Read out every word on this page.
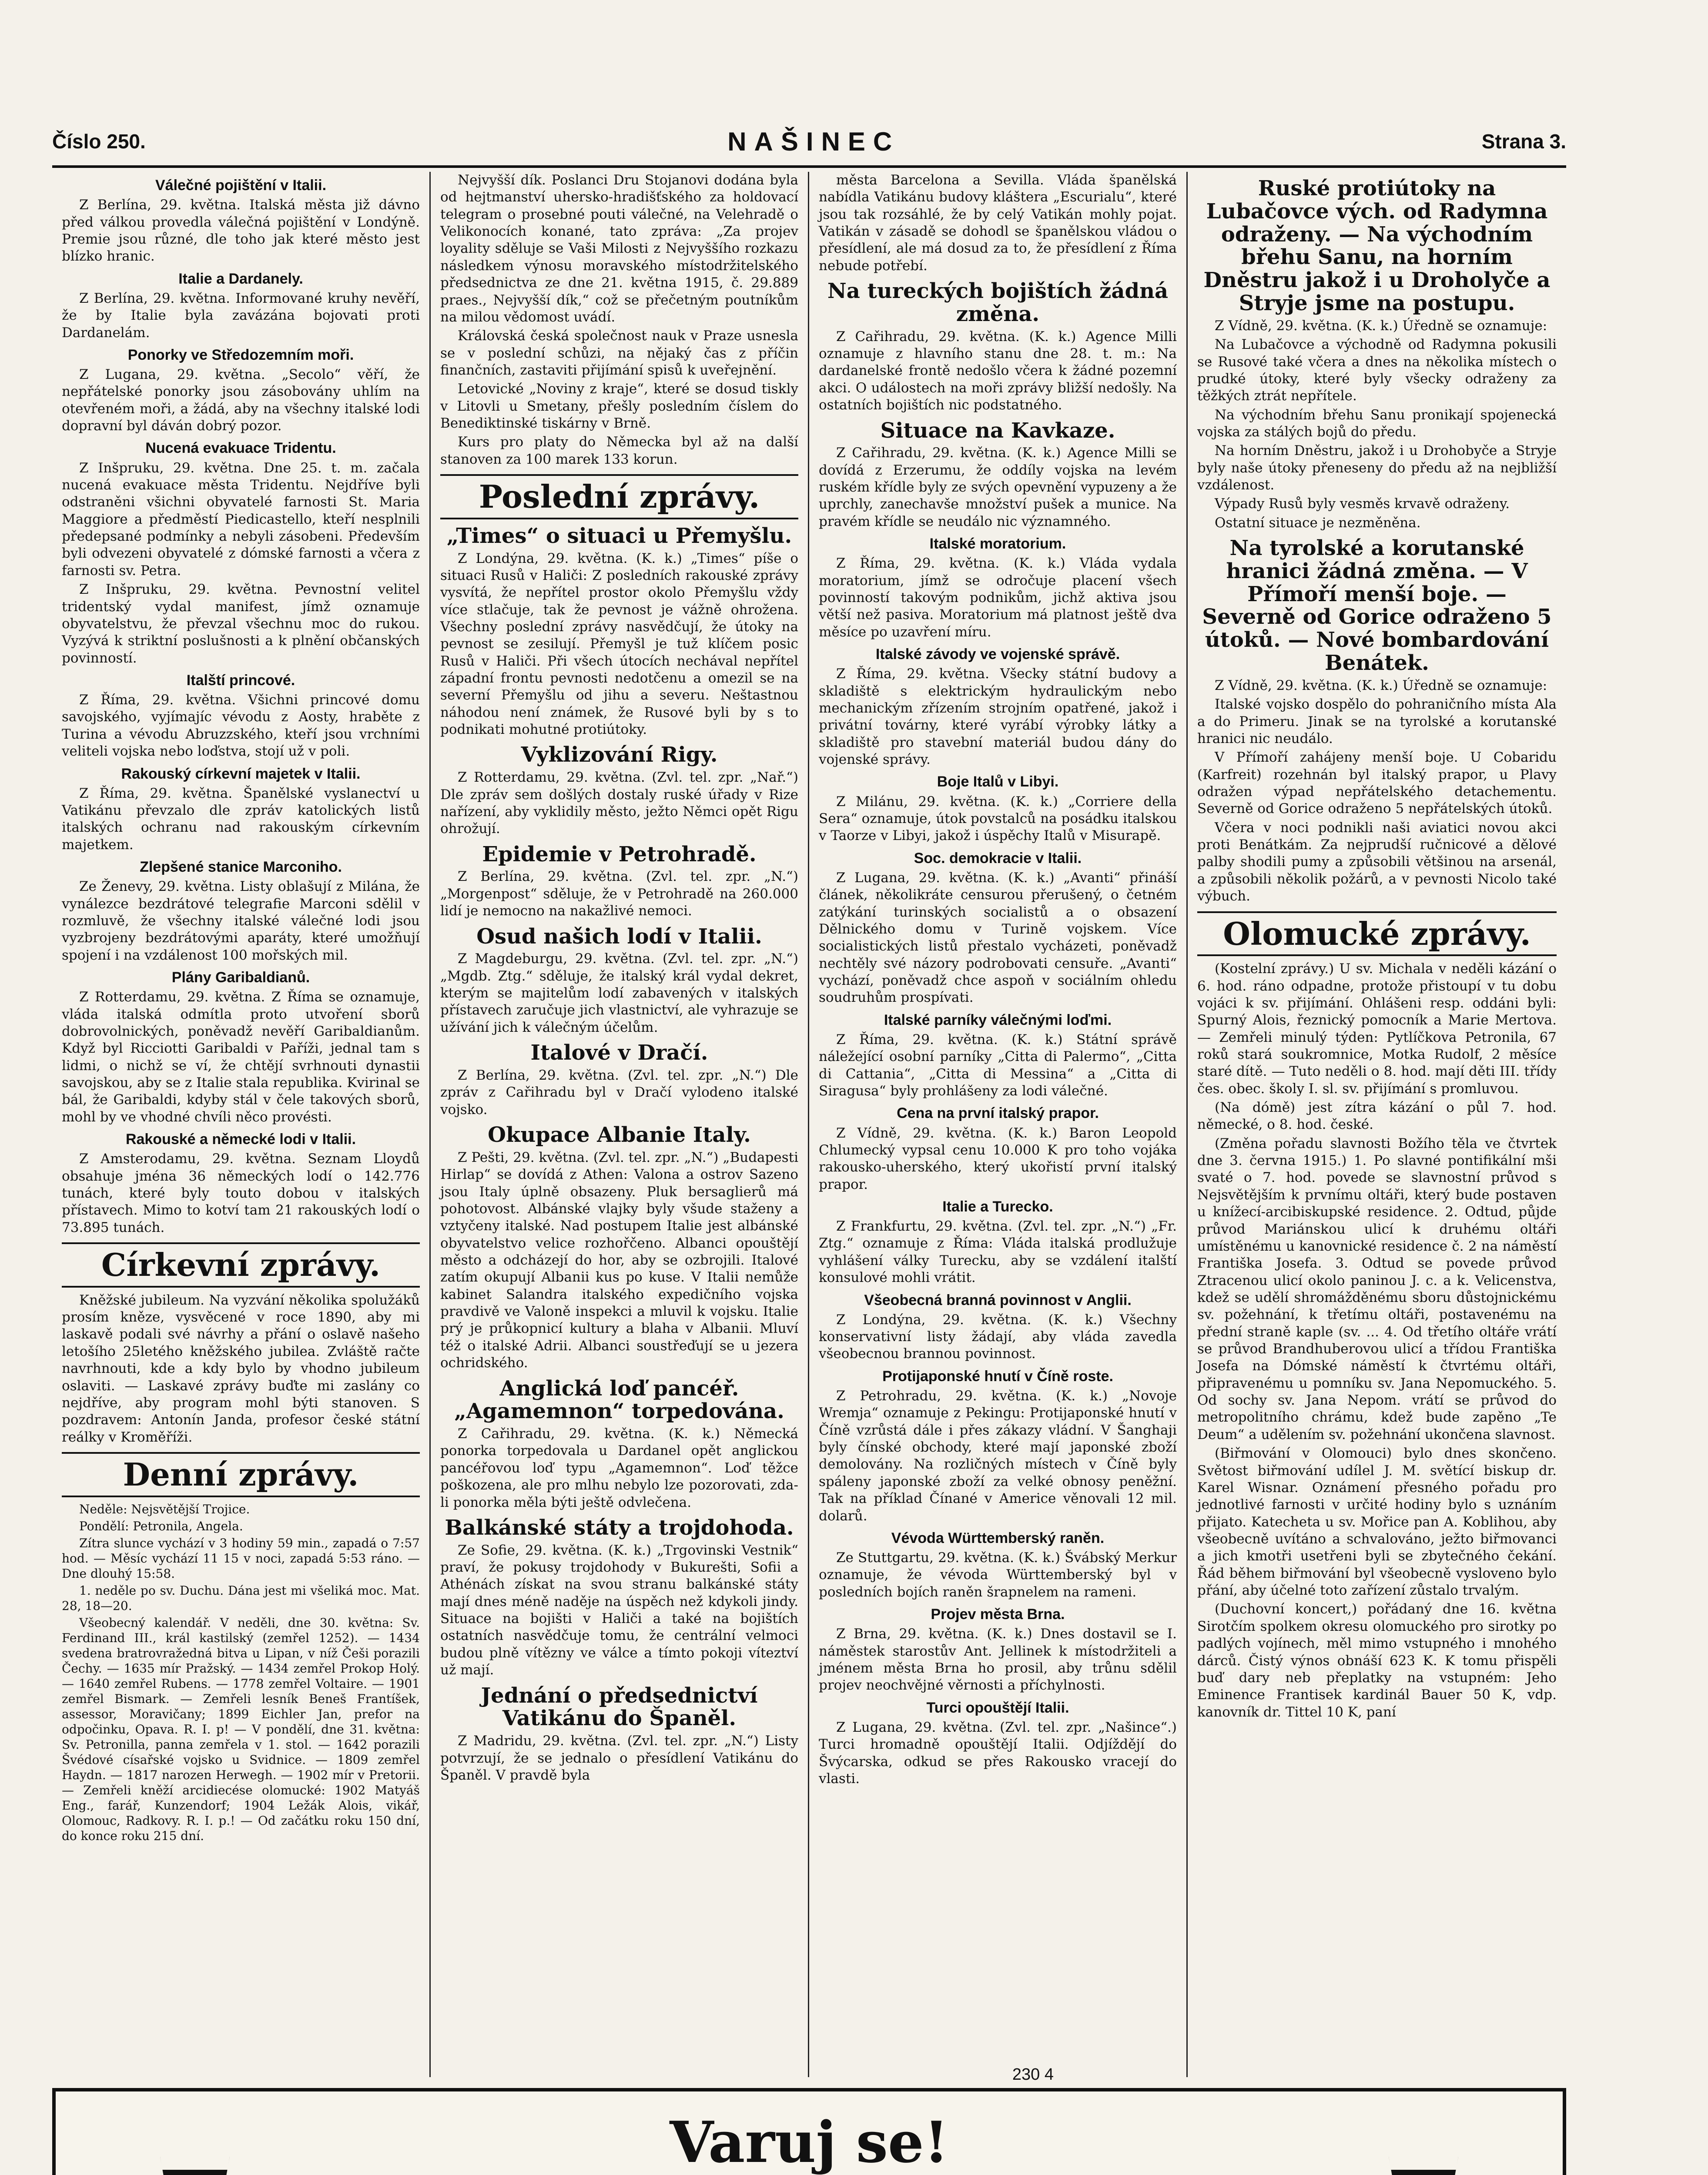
Číslo 250.	NAŠINEC	Strana 3.
Válečné pojištění v Italii.

Z Berlína, 29. května. Italská města již dávno před válkou provedla válečná pojištění v Londýně. Premie jsou různé, dle toho jak které město jest blízko hranic.

Italie a Dardanely.

Z Berlína, 29. května. Informované kruhy nevěří, že by Italie byla zavázána bojovati proti Dardanelám.

Ponorky ve Středozemním moři.

Z Lugana, 29. května. „Secolo“ věří, že nepřátelské ponorky jsou zásobovány uhlím na otevřeném moři, a žádá, aby na všechny italské lodi dopravní byl dáván dobrý pozor.

Nucená evakuace Tridentu.

Z Inšpruku, 29. května. Dne 25. t. m. začala nucená evakuace města Tridentu. Nejdříve byli odstraněni všichni obyvatelé farnosti St. Maria Maggiore a předměstí Piedicastello, kteří nesplnili předepsané podmínky a nebyli zásobeni. Především byli odvezeni obyvatelé z dómské farnosti a včera z farnosti sv. Petra.

Z Inšpruku, 29. května. Pevnostní velitel tridentský vydal manifest, jímž oznamuje obyvatelstvu, že převzal všechnu moc do rukou. Vyzývá k striktní poslušnosti a k plnění občanských povinností.

Italští princové.

Z Říma, 29. května. Všichni princové domu savojského, vyjímajíc vévodu z Aosty, hraběte z Turina a vévodu Abruzzského, kteří jsou vrchními veliteli vojska nebo loďstva, stojí už v poli.

Rakouský církevní majetek v Italii.

Z Říma, 29. května. Španělské vyslanectví u Vatikánu převzalo dle zpráv katolických listů italských ochranu nad rakouským církevním majetkem.

Zlepšené stanice Marconiho.

Ze Ženevy, 29. května. Listy oblašují z Milána, že vynálezce bezdrátové telegrafie Marconi sdělil v rozmluvě, že všechny italské válečné lodi jsou vyzbrojeny bezdrátovými aparáty, které umožňují spojení i na vzdálenost 100 mořských mil.

Plány Garibaldianů.

Z Rotterdamu, 29. května. Z Říma se oznamuje, vláda italská odmítla proto utvoření sborů dobrovolnických, poněvadž nevěří Garibaldianům. Když byl Ricciotti Garibaldi v Paříži, jednal tam s lidmi, o nichž se ví, že chtějí svrhnouti dynastii savojskou, aby se z Italie stala republika. Kvirinal se bál, že Garibaldi, kdyby stál v čele takových sborů, mohl by ve vhodné chvíli něco provésti.

Rakouské a německé lodi v Italii.

Z Amsterodamu, 29. května. Seznam Lloydů obsahuje jména 36 německých lodí o 142.776 tunách, které byly touto dobou v italských přístavech. Mimo to kotví tam 21 rakouských lodí o 73.895 tunách.

Církevní zprávy.

Kněžské jubileum. Na vyzvání několika spolužáků prosím kněze, vysvěcené v roce 1890, aby mi laskavě podali své návrhy a přání o oslavě našeho letošího 25letého kněžského jubilea. Zvláště račte navrhnouti, kde a kdy bylo by vhodno jubileum oslaviti. — Laskavé zprávy buďte mi zaslány co nejdříve, aby program mohl býti stanoven. S pozdravem: Antonín Janda, profesor české státní reálky v Kroměříži.

Denní zprávy.

Neděle: Nejsvětější Trojice.

Pondělí: Petronila, Angela.

Zítra slunce vychází v 3 hodiny 59 min., zapadá o 7:57 hod. — Měsíc vychází 11 15 v noci, zapadá 5:53 ráno. — Dne dlouhý 15:58.

1. neděle po sv. Duchu. Dána jest mi všeliká moc. Mat. 28, 18—20.

Všeobecný kalendář. V neděli, dne 30. května: Sv. Ferdinand III., král kastilský (zemřel 1252). — 1434 svedena bratrovražedná bitva u Lipan, v níž Češi porazili Čechy. — 1635 mír Pražský. — 1434 zemřel Prokop Holý. — 1640 zemřel Rubens. — 1778 zemřel Voltaire. — 1901 zemřel Bismark. — Zemřeli lesník Beneš Frantíšek, assessor, Moravičany; 1899 Eichler Jan, prefor na odpočinku, Opava. R. I. p! — V pondělí, dne 31. května: Sv. Petronilla, panna zemřela v 1. stol. — 1642 porazili Švédové císařské vojsko u Svidnice. — 1809 zemřel Haydn. — 1817 narozen Herwegh. — 1902 mír v Pretorii. — Zemřeli kněží arcidiecése olomucké: 1902 Matyáš Eng., farář, Kunzendorf; 1904 Ležák Alois, vikář, Olomouc, Radkovy. R. I. p.! — Od začátku roku 150 dní, do konce roku 215 dní.

Nejvyšší dík. Poslanci Dru Stojanovi dodána byla od hejtmanství uhersko-hradišťského za holdovací telegram o prosebné pouti válečné, na Velehradě o Velikonocích konané, tato zpráva: „Za projev loyality sděluje se Vaši Milosti z Nejvyššího rozkazu následkem výnosu moravského místodržitelského předsednictva ze dne 21. května 1915, č. 29.889 praes., Nejvyšší dík,“ což se přečetným poutníkům na milou vědomost uvádí.

Královská česká společnost nauk v Praze usnesla se v poslední schůzi, na nějaký čas z příčin finančních, zastaviti přijímání spisů k uveřejnění.

Letovické „Noviny z kraje“, které se dosud tiskly v Litovli u Smetany, přešly posledním číslem do Benediktinské tiskárny v Brně.

Kurs pro platy do Německa byl až na další stanoven za 100 marek 133 korun.

Poslední zprávy.
„Times“ o situaci u Přemyšlu.

Z Londýna, 29. května. (K. k.) „Times“ píše o situaci Rusů v Haliči: Z posledních rakouské zprávy vysvítá, že nepřítel prostor okolo Přemyšlu vždy více stlačuje, tak že pevnost je vážně ohrožena. Všechny poslední zprávy nasvědčují, že útoky na pevnost se zesilují. Přemyšl je tuž klíčem posic Rusů v Haliči. Při všech útocích nechával nepřítel západní frontu pevnosti nedotčenu a omezil se na severní Přemyšlu od jihu a severu. Neštastnou náhodou není známek, že Rusové byli by s to podnikati mohutné protiútoky.

Vyklizování Rigy.

Z Rotterdamu, 29. května. (Zvl. tel. zpr. „Nař.“) Dle zpráv sem došlých dostaly ruské úřady v Rize nařízení, aby vyklidily město, ježto Němci opět Rigu ohrožují.

Epidemie v Petrohradě.

Z Berlína, 29. května. (Zvl. tel. zpr. „N.“) „Morgenpost“ sděluje, že v Petrohradě na 260.000 lidí je nemocno na nakažlivé nemoci.

Osud našich lodí v Italii.

Z Magdeburgu, 29. května. (Zvl. tel. zpr. „N.“) „Mgdb. Ztg.“ sděluje, že italský král vydal dekret, kterým se majitelům lodí zabavených v italských přístavech zaručuje jich vlastnictví, ale vyhrazuje se užívání jich k válečným účelům.

Italové v Dračí.

Z Berlína, 29. května. (Zvl. tel. zpr. „N.“) Dle zpráv z Cařihradu byl v Dračí vylodeno italské vojsko.

Okupace Albanie Italy.

Z Pešti, 29. května. (Zvl. tel. zpr. „N.“) „Budapesti Hirlap“ se dovídá z Athen: Valona a ostrov Sazeno jsou Italy úplně obsazeny. Pluk bersaglierů má pohotovost. Albánské vlajky byly všude staženy a vztyčeny italské. Nad postupem Italie jest albánské obyvatelstvo velice rozhořčeno. Albanci opouštějí město a odcházejí do hor, aby se ozbrojili. Italové zatím okupují Albanii kus po kuse. V Italii nemůže kabinet Salandra italského expedičního vojska pravdivě ve Valoně inspekci a mluvil k vojsku. Italie prý je průkopnicí kultury a blaha v Albanii. Mluví též o italské Adrii. Albanci soustřeďují se u jezera ochridského.

Anglická loď pancéř. „Agamemnon“ torpedována.

Z Cařihradu, 29. května. (K. k.) Německá ponorka torpedovala u Dardanel opět anglickou pancéřovou loď typu „Agamemnon“. Loď těžce poškozena, ale pro mlhu nebylo lze pozorovati, zda-li ponorka měla býti ještě odvlečena.

Balkánské státy a trojdohoda.

Ze Sofie, 29. května. (K. k.) „Trgovinski Vestnik“ praví, že pokusy trojdohody v Bukurešti, Sofii a Athénách získat na svou stranu balkánské státy mají dnes méně naděje na úspěch než kdykoli jindy. Situace na bojišti v Haliči a také na bojištích ostatních nasvědčuje tomu, že centrální velmoci budou plně vítězny ve válce a tímto pokoji víteztví už mají.

Jednání o předsednictví Vatikánu do Španěl.

Z Madridu, 29. května. (Zvl. tel. zpr. „N.“) Listy potvrzují, že se jednalo o přesídlení Vatikánu do Španěl. V pravdě byla

města Barcelona a Sevilla. Vláda španělská nabídla Vatikánu budovy kláštera „Escurialu“, které jsou tak rozsáhlé, že by celý Vatikán mohly pojat. Vatikán v zásadě se dohodl se španělskou vládou o přesídlení, ale má dosud za to, že přesídlení z Říma nebude potřebí.

Na tureckých bojištích žádná změna.

Z Cařihradu, 29. května. (K. k.) Agence Milli oznamuje z hlavního stanu dne 28. t. m.: Na dardanelské frontě nedošlo včera k žádné pozemní akci. O událostech na moři zprávy bližší nedošly. Na ostatních bojištích nic podstatného.

Situace na Kavkaze.

Z Cařihradu, 29. května. (K. k.) Agence Milli se dovídá z Erzerumu, že oddíly vojska na levém ruském křídle byly ze svých opevnění vypuzeny a že uprchly, zanechavše množství pušek a munice. Na pravém křídle se neudálo nic významného.

Italské moratorium.

Z Říma, 29. května. (K. k.) Vláda vydala moratorium, jímž se odročuje placení všech povinností takovým podnikům, jichž aktiva jsou větší než pasiva. Moratorium má platnost ještě dva měsíce po uzavření míru.

Italské závody ve vojenské správě.

Z Říma, 29. května. Všecky státní budovy a skladiště s elektrickým hydraulickým nebo mechanickým zřízením strojním opatřené, jakož i privátní továrny, které vyrábí výrobky látky a skladiště pro stavební materiál budou dány do vojenské správy.

Boje Italů v Libyi.

Z Milánu, 29. května. (K. k.) „Corriere della Sera“ oznamuje, útok povstalců na posádku italskou v Taorze v Libyi, jakož i úspěchy Italů v Misurapě.

Soc. demokracie v Italii.

Z Lugana, 29. května. (K. k.) „Avanti“ přináší článek, několikráte censurou přerušený, o četném zatýkání turinských socialistů a o obsazení Dělnického domu v Turině vojskem. Více socialistických listů přestalo vycházeti, poněvadž nechtěly své názory podrobovati censuře. „Avanti“ vychází, poněvadž chce aspoň v sociálním ohledu soudruhům prospívati.

Italské parníky válečnými loďmi.

Z Říma, 29. května. (K. k.) Státní správě náležející osobní parníky „Citta di Palermo“, „Citta di Cattania“, „Citta di Messina“ a „Citta di Siragusa“ byly prohlášeny za lodi válečné.

Cena na první italský prapor.

Z Vídně, 29. května. (K. k.) Baron Leopold Chlumecký vypsal cenu 10.000 K pro toho vojáka rakousko-uherského, který ukořistí první italský prapor.

Italie a Turecko.

Z Frankfurtu, 29. května. (Zvl. tel. zpr. „N.“) „Fr. Ztg.“ oznamuje z Říma: Vláda italská prodlužuje vyhlášení války Turecku, aby se vzdálení italští konsulové mohli vrátit.

Všeobecná branná povinnost v Anglii.

Z Londýna, 29. května. (K. k.) Všechny konservativní listy žádají, aby vláda zavedla všeobecnou brannou povinnost.

Protijaponské hnutí v Číně roste.

Z Petrohradu, 29. května. (K. k.) „Novoje Wremja“ oznamuje z Pekingu: Protijaponské hnutí v Číně vzrůstá dále i přes zákazy vládní. V Šanghaji byly čínské obchody, které mají japonské zboží demolovány. Na rozličných místech v Číně byly spáleny japonské zboží za velké obnosy peněžní. Tak na příklad Čínané v Americe věnovali 12 mil. dolarů.

Vévoda Württemberský raněn.

Ze Stuttgartu, 29. května. (K. k.) Švábský Merkur oznamuje, že vévoda Württemberský byl v posledních bojích raněn šrapnelem na rameni.

Projev města Brna.

Z Brna, 29. května. (K. k.) Dnes dostavil se I. náměstek starostův Ant. Jellinek k místodržiteli a jménem města Brna ho prosil, aby trůnu sdělil projev neochvějné věrnosti a příchylnosti.

Turci opouštějí Italii.

Z Lugana, 29. května. (Zvl. tel. zpr. „Našince“.) Turci hromadně opouštějí Italii. Odjíždějí do Švýcarska, odkud se přes Rakousko vracejí do vlasti.

Ruské protiútoky na Lubačovce vých. od Radymna odraženy. — Na východním břehu Sanu, na horním Dněstru jakož i u Droholyče a Stryje jsme na postupu.

Z Vídně, 29. května. (K. k.) Úředně se oznamuje:

Na Lubačovce a východně od Radymna pokusili se Rusové také včera a dnes na několika místech o prudké útoky, které byly všecky odraženy za těžkých ztrát nepřítele.

Na východním břehu Sanu pronikají spojenecká vojska za stálých bojů do předu.

Na horním Dněstru, jakož i u Drohobyče a Stryje byly naše útoky přeneseny do předu až na nejbližší vzdálenost.

Výpady Rusů byly vesměs krvavě odraženy.

Ostatní situace je nezměněna.

Na tyrolské a korutanské hranici žádná změna. — V Přímoří menší boje. — Severně od Gorice odraženo 5 útoků. — Nové bombardování Benátek.

Z Vídně, 29. května. (K. k.) Úředně se oznamuje:

Italské vojsko dospělo do pohraničního místa Ala a do Primeru. Jinak se na tyrolské a korutanské hranici nic neudálo.

V Přímoří zahájeny menší boje. U Cobaridu (Karfreit) rozehnán byl italský prapor, u Plavy odražen výpad nepřátelského detachementu. Severně od Gorice odraženo 5 nepřátelských útoků.

Včera v noci podnikli naši aviatici novou akci proti Benátkám. Za nejprudší ručnicové a dělové palby shodili pumy a způsobili většinou na arsenál, a způsobili několik požárů, a v pevnosti Nicolo také výbuch.

Olomucké zprávy.

(Kostelní zprávy.) U sv. Michala v neděli kázání o 6. hod. ráno odpadne, protože přistoupí v tu dobu vojáci k sv. přijímání. Ohlášeni resp. oddáni byli: Spurný Alois, řeznický pomocník a Marie Mertova. — Zemřeli minulý týden: Pytlíčkova Petronila, 67 roků stará soukromnice, Motka Rudolf, 2 měsíce staré dítě. — Tuto neděli o 8. hod. mají děti III. třídy čes. obec. školy I. sl. sv. přijímání s promluvou.

(Na dómě) jest zítra kázání o půl 7. hod. německé, o 8. hod. české.

(Změna pořadu slavnosti Božího těla ve čtvrtek dne 3. června 1915.) 1. Po slavné pontifikální mši svaté o 7. hod. povede se slavnostní průvod s Nejsvětějším k prvnímu oltáři, který bude postaven u knížecí-arcibiskupské residence. 2. Odtud, půjde průvod Mariánskou ulicí k druhému oltáři umístěnému u kanovnické residence č. 2 na náměstí Františka Josefa. 3. Odtud se povede průvod Ztracenou ulicí okolo paninou J. c. a k. Velicenstva, kdež se udělí shromážděnému sboru důstojnickému sv. požehnání, k třetímu oltáři, postavenému na přední straně kaple (sv. ... 4. Od třetího oltáře vrátí se průvod Brandhuberovou ulicí a třídou Františka Josefa na Dómské náměstí k čtvrtému oltáři, připravenému u pomníku sv. Jana Nepomuckého. 5. Od sochy sv. Jana Nepom. vrátí se průvod do metropolitního chrámu, kdež bude zapěno „Te Deum“ a udělením sv. požehnání ukončena slavnost.

(Biřmování v Olomouci) bylo dnes skončeno. Světost biřmování udílel J. M. světící biskup dr. Karel Wisnar. Oznámení přesného pořadu pro jednotlivé farnosti v určité hodiny bylo s uznáním přijato. Katecheta u sv. Mořice pan A. Koblihou, aby všeobecně uvítáno a schvalováno, ježto biřmovanci a jich kmotři usetřeni byli se zbytečného čekání. Řád během biřmování byl všeobecně vysloveno bylo přání, aby účelné toto zařízení zůstalo trvalým.

(Duchovní koncert,) pořádaný dne 16. května Sirotčím spolkem okresu olomuckého pro sirotky po padlých vojínech, měl mimo vstupného i mnohého dárců. Čistý výnos obnáší 623 K. K tomu přispěli buď dary neb přeplatky na vstupném: Jeho Eminence Frantisek kardinál Bauer 50 K, vdp. kanovník dr. Tittel 10 K, paní

230 4
Varuj se!
